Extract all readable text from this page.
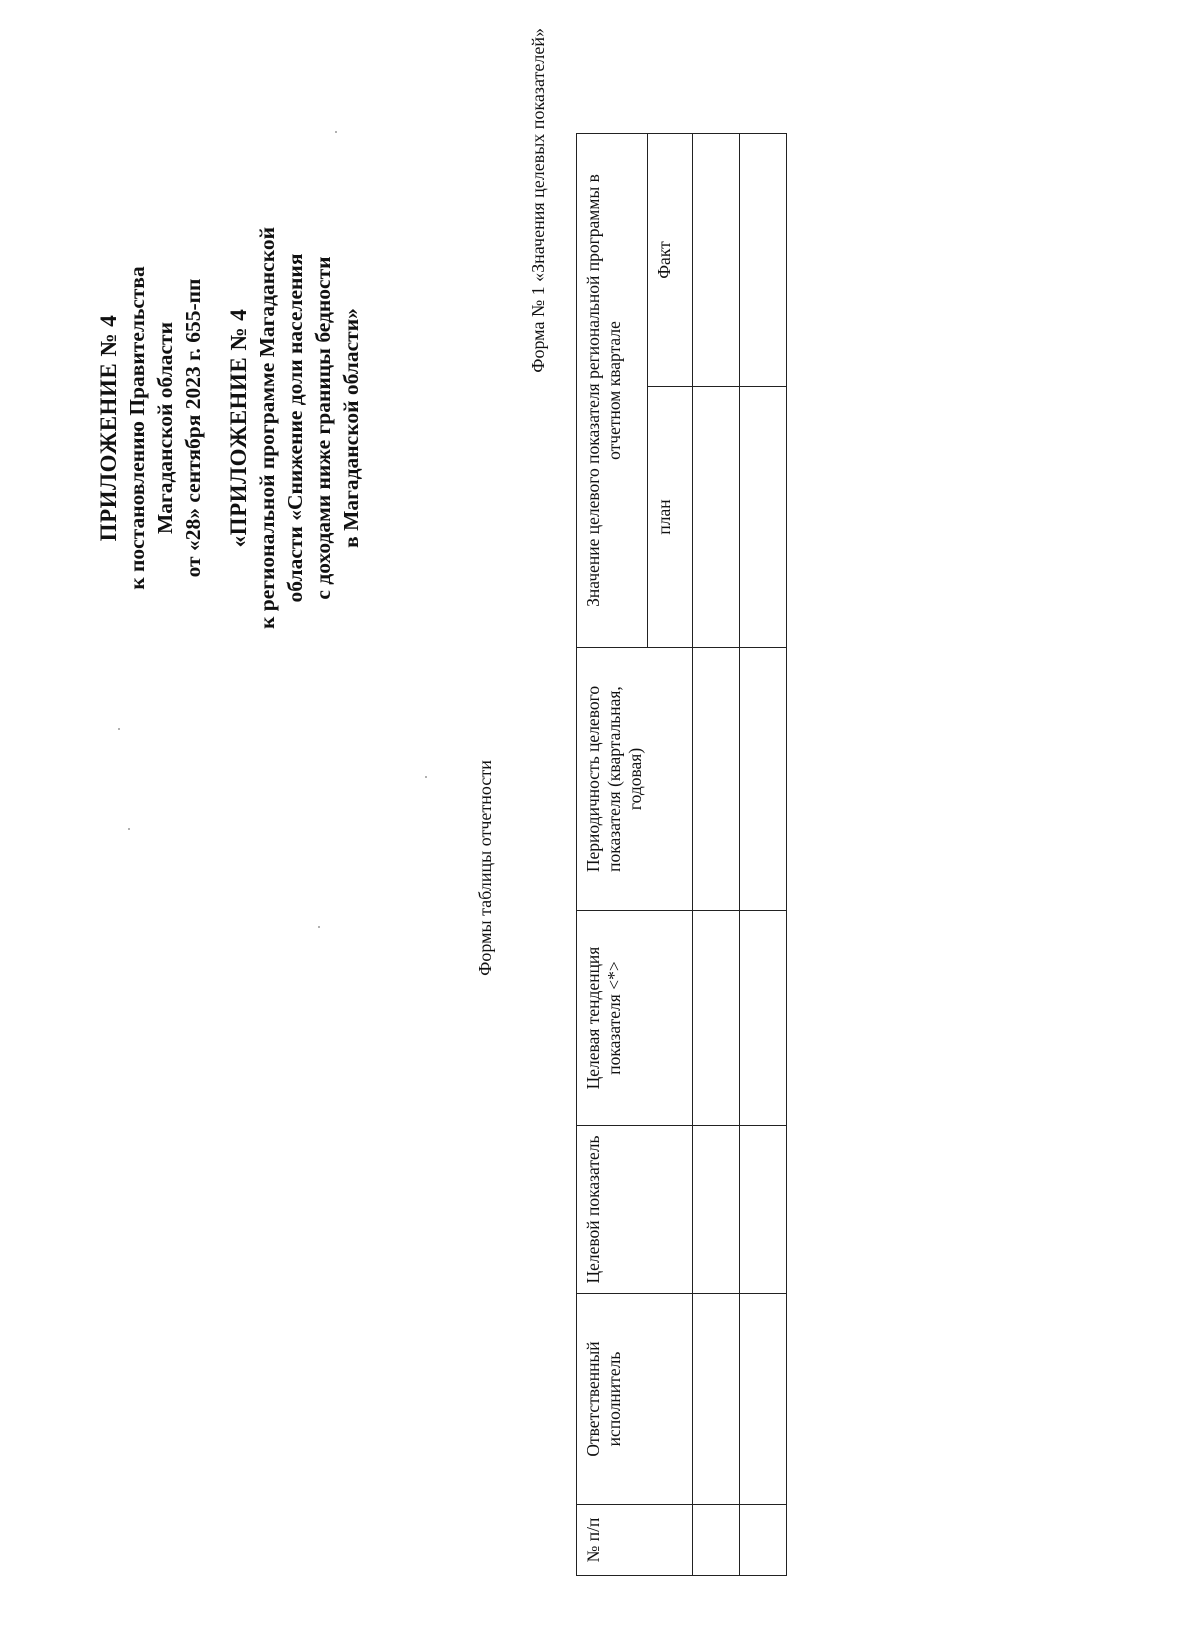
ПРИЛОЖЕНИЕ № 4 к постановлению Правительства Магаданской области от «28» сентября 2023 г. 655-пп «ПРИЛОЖЕНИЕ № 4 к региональной программе Магаданской области «Снижение доли населения с доходами ниже границы бедности в Магаданской области»
Формы таблицы отчетности
Форма № 1 «Значения целевых показателей»
№ п/п	Ответственный исполнитель	Целевой показатель	Целевая тенденция показателя <*>	Периодичность целевого показателя (квартальная, годовая)	Значение целевого показателя региональной программы в отчетном квартале	
					план	Факт
